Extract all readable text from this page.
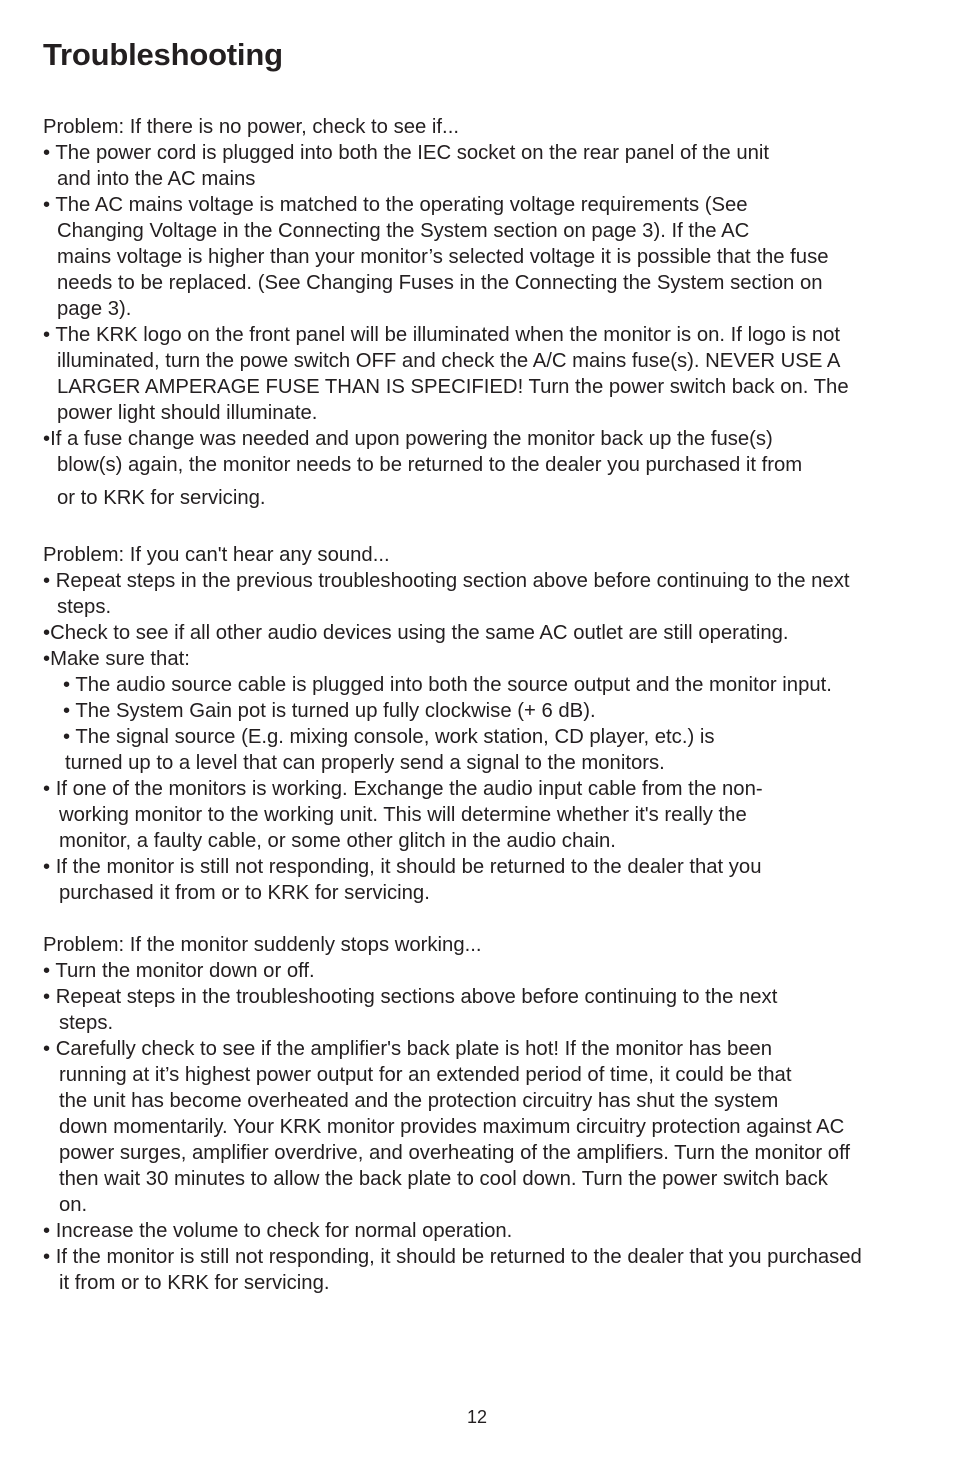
Troubleshooting

Problem: If there is no power, check to see if...

• The power cord is plugged into both the IEC socket on the rear panel of the unit

and into the AC mains

• The AC mains voltage is matched to the operating voltage requirements (See

Changing Voltage in the Connecting the System section on page 3). If the AC

mains voltage is higher than your monitor’s selected voltage it is possible that the fuse

needs to be replaced. (See Changing Fuses in the Connecting the System section on

page 3).

• The KRK logo on the front panel will be illuminated when the monitor is on. If logo is not

illuminated, turn the powe switch OFF and check the A/C mains fuse(s). NEVER USE A

LARGER AMPERAGE FUSE THAN IS SPECIFIED! Turn the power switch back on. The

power light should illuminate.

•If a fuse change was needed and upon powering the monitor back up the fuse(s)

blow(s) again, the monitor needs to be returned to the dealer you purchased it from

or to KRK for servicing.

Problem: If you can't hear any sound...

• Repeat steps in the previous troubleshooting section above before continuing to the next

steps.

•Check to see if all other audio devices using the same AC outlet are still operating.

•Make sure that:

• The audio source cable is plugged into both the source output and the monitor input.

• The System Gain pot is turned up fully clockwise (+ 6 dB).

• The signal source (E.g. mixing console, work station, CD player, etc.) is

turned up to a level that can properly send a signal to the monitors.

• If one of the monitors is working. Exchange the audio input cable from the non-

working monitor to the working unit. This will determine whether it's really the

monitor, a faulty cable, or some other glitch in the audio chain.

• If the monitor is still not responding, it should be returned to the dealer that you

purchased it from or to KRK for servicing.

Problem: If the monitor suddenly stops working...

• Turn the monitor down or off.

• Repeat steps in the troubleshooting sections above before continuing to the next

steps.

• Carefully check to see if the amplifier's back plate is hot! If the monitor has been

running at it’s highest power output for an extended period of time, it could be that

the unit has become overheated and the protection circuitry has shut the system

down momentarily. Your KRK monitor provides maximum circuitry protection against AC

power surges, amplifier overdrive, and overheating of the amplifiers. Turn the monitor off

then wait 30 minutes to allow the back plate to cool down. Turn the power switch back

on.

• Increase the volume to check for normal operation.

• If the monitor is still not responding, it should be returned to the dealer that you purchased

it from or to KRK for servicing.

12
